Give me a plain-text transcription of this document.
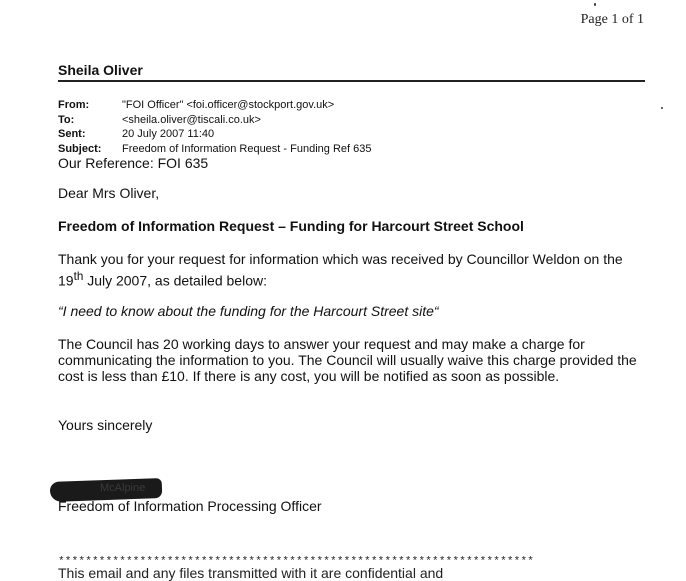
Page 1 of 1
Sheila Oliver
From:	"FOI Officer" <foi.officer@stockport.gov.uk>
To:	<sheila.oliver@tiscali.co.uk>
Sent:	20 July 2007 11:40
Subject:	Freedom of Information Request - Funding Ref 635
Our Reference: FOI 635

Dear Mrs Oliver,

Freedom of Information Request – Funding for Harcourt Street School

Thank you for your request for information which was received by Councillor Weldon on the 19th July 2007, as detailed below:

“I need to know about the funding for the Harcourt Street site“

The Council has 20 working days to answer your request and may make a charge for communicating the information to you. The Council will usually waive this charge provided the cost is less than £10. If there is any cost, you will be notified as soon as possible.

Yours sincerely

McAlpine
Freedom of Information Processing Officer
**********************************************************************
This email and any files transmitted with it are confidential and
